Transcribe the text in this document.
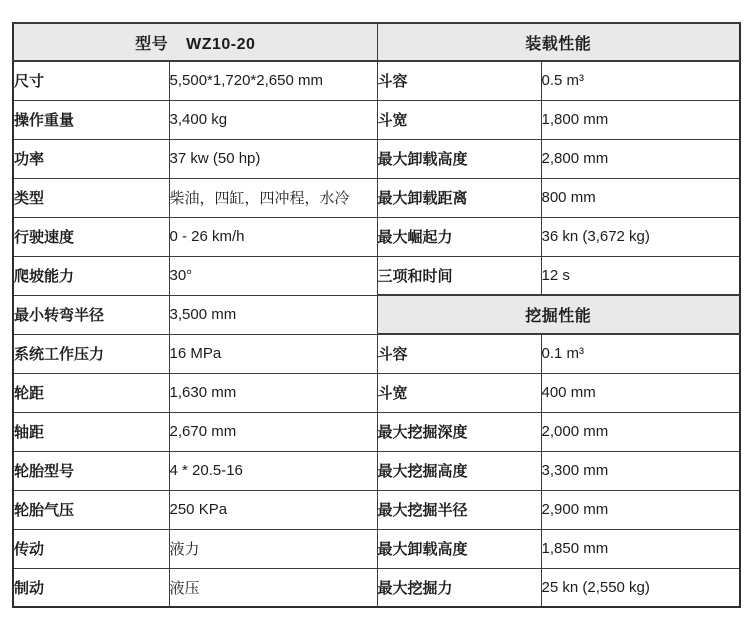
型号 WZ10-20		装载性能	
尺寸	5,500*1,720*2,650 mm	斗容	0.5 m³
操作重量	3,400 kg	斗宽	1,800 mm
功率	37 kw (50 hp)	最大卸载高度	2,800 mm
类型	柴油，四缸，四冲程，水冷	最大卸载距离	800 mm
行驶速度	0 - 26 km/h	最大崛起力	36 kn (3,672 kg)
爬坡能力	30°	三项和时间	12 s
最小转弯半径	3,500 mm	挖掘性能	
系统工作压力	16 MPa	斗容	0.1 m³
轮距	1,630 mm	斗宽	400 mm
轴距	2,670 mm	最大挖掘深度	2,000 mm
轮胎型号	4 * 20.5-16	最大挖掘高度	3,300 mm
轮胎气压	250 KPa	最大挖掘半径	2,900 mm
传动	液力	最大卸载高度	1,850 mm
制动	液压	最大挖掘力	25 kn (2,550 kg)
